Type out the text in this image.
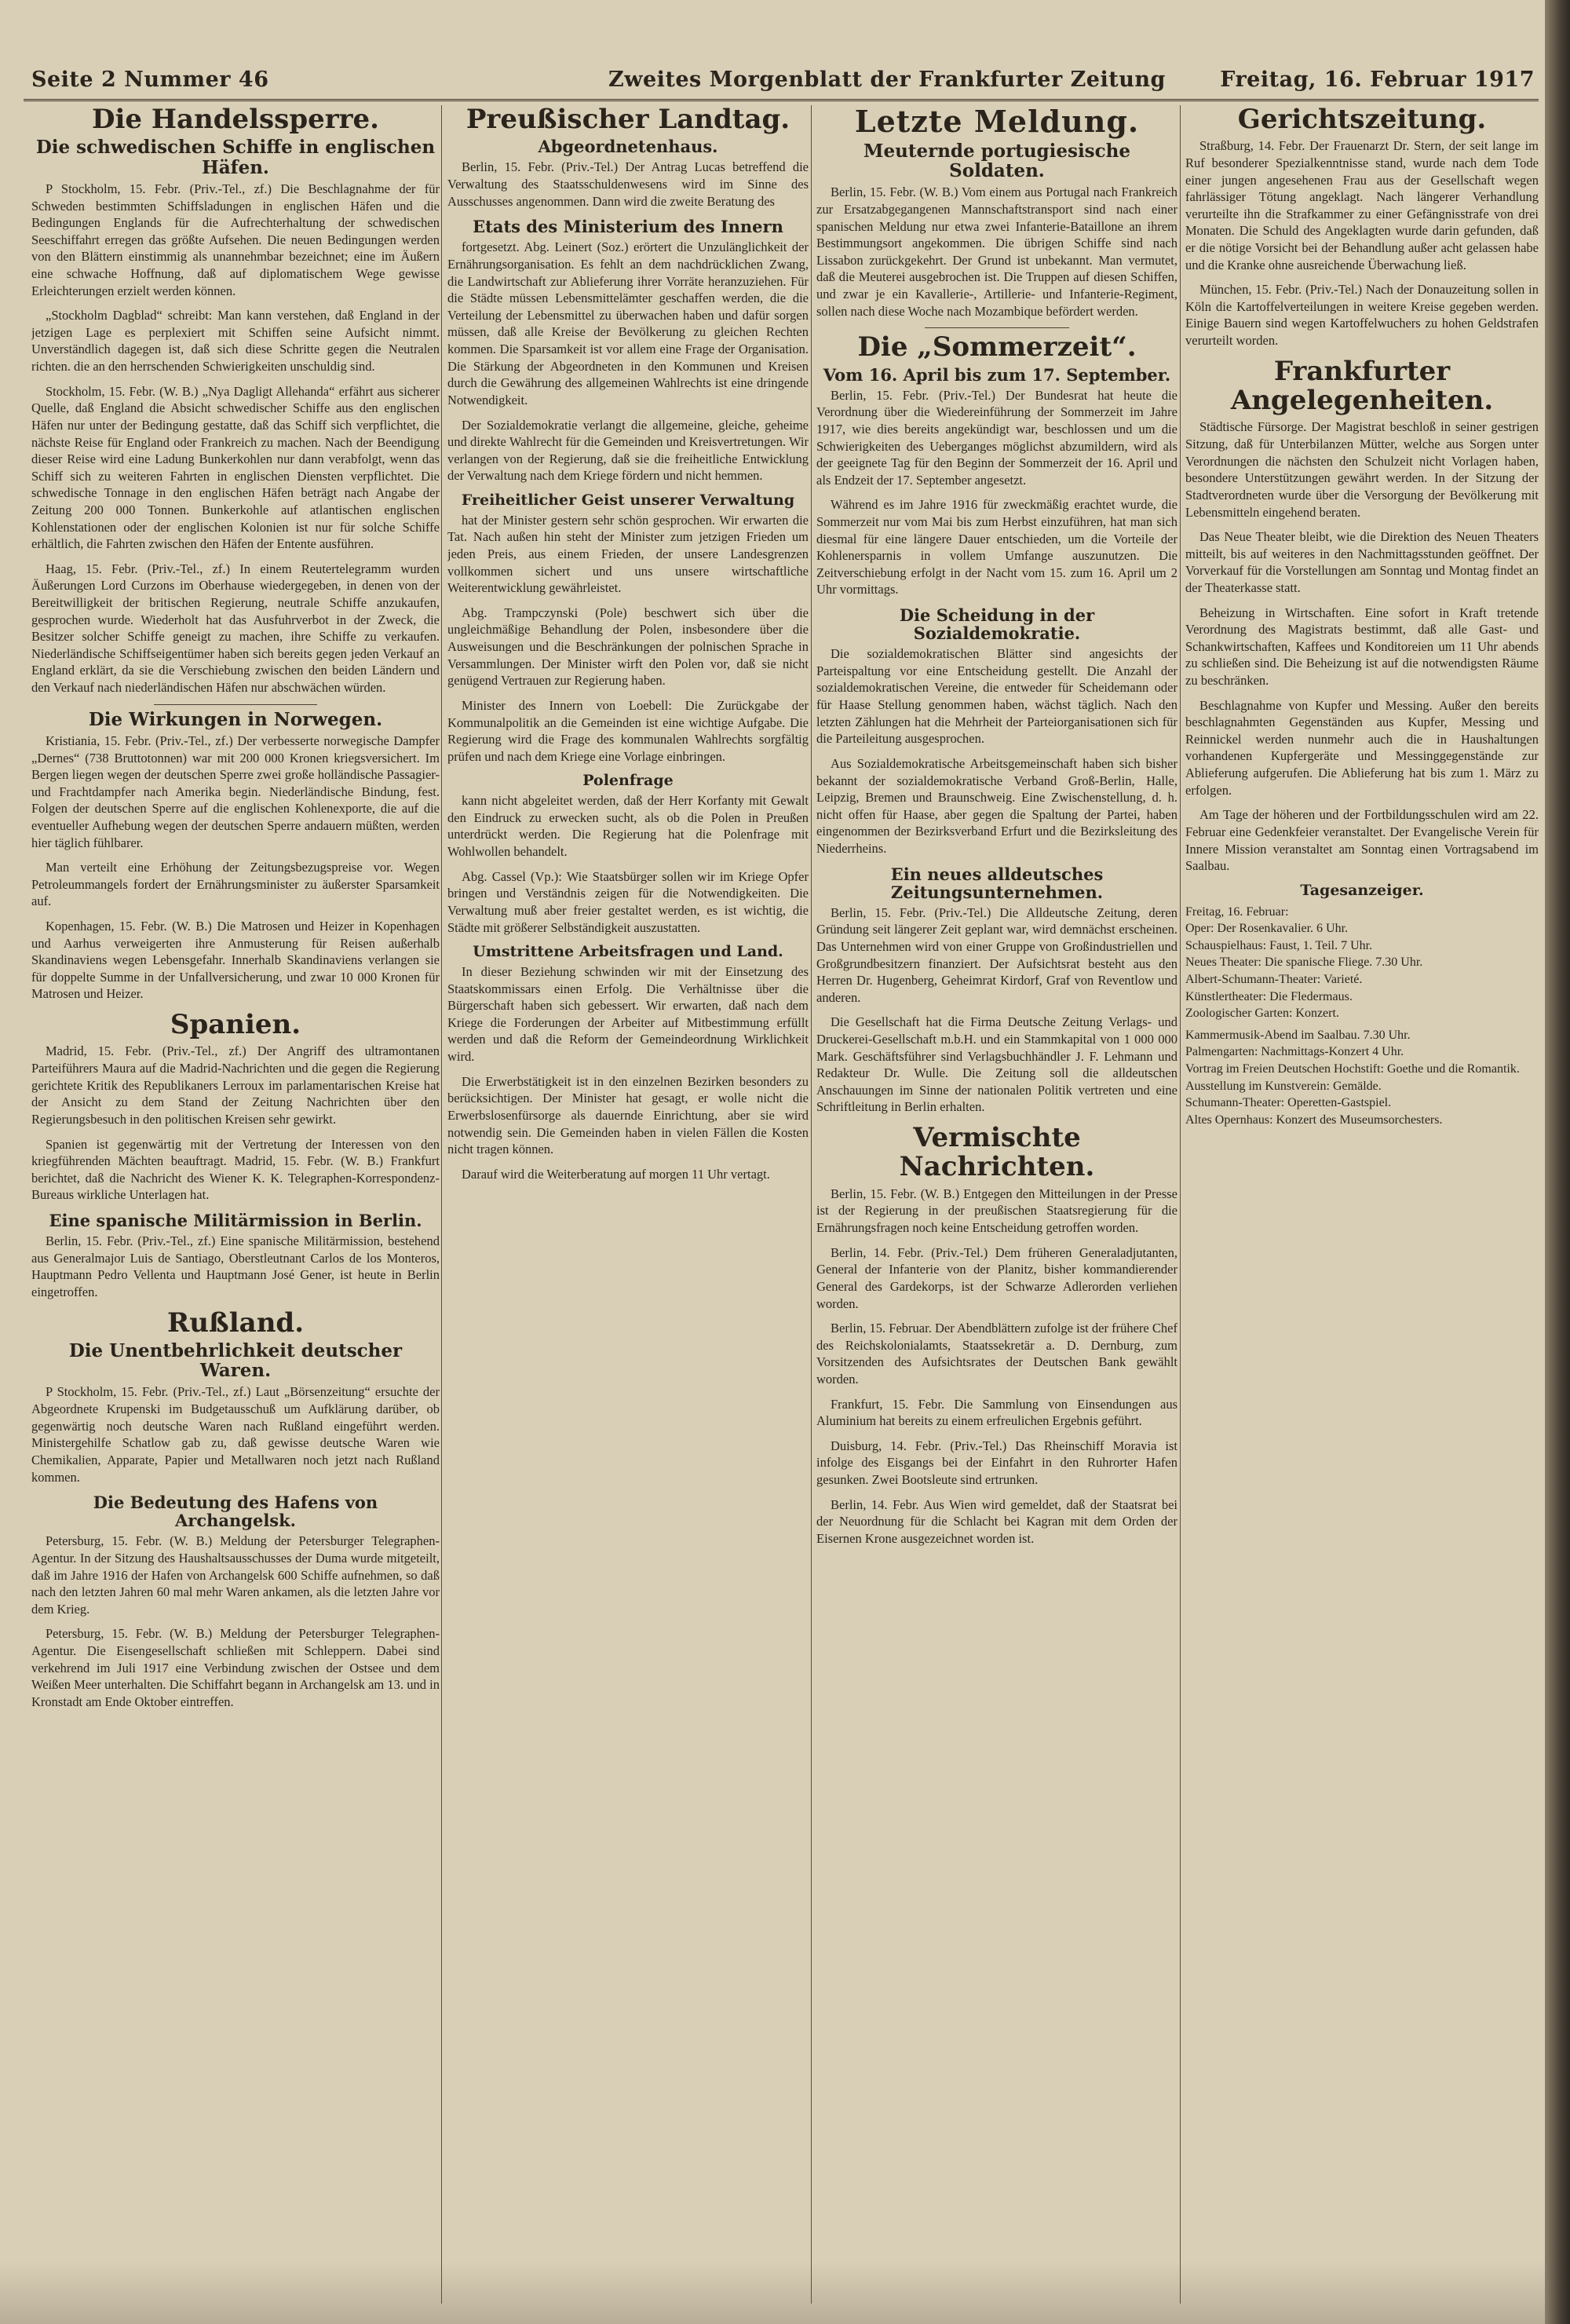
Seite 2 Nummer 46	Zweites Morgenblatt der Frankfurter Zeitung	Freitag, 16. Februar 1917
Die Handelssperre.
Die schwedischen Schiffe in englischen Häfen.

P Stockholm, 15. Febr. (Priv.-Tel., zf.) Die Beschlagnahme der für Schweden bestimmten Schiffsladungen in englischen Häfen und die Bedingungen Englands für die Aufrechterhaltung der schwedischen Seeschiffahrt erregen das größte Aufsehen. Die neuen Bedingungen werden von den Blättern einstimmig als unannehmbar bezeichnet; eine im Äußern eine schwache Hoffnung, daß auf diplomatischem Wege gewisse Erleichterungen erzielt werden können.

„Stockholm Dagblad“ schreibt: Man kann verstehen, daß England in der jetzigen Lage es perplexiert mit Schiffen seine Aufsicht nimmt. Unverständlich dagegen ist, daß sich diese Schritte gegen die Neutralen richten. die an den herrschenden Schwierigkeiten unschuldig sind.

Stockholm, 15. Febr. (W. B.) „Nya Dagligt Allehanda“ erfährt aus sicherer Quelle, daß England die Absicht schwedischer Schiffe aus den englischen Häfen nur unter der Bedingung gestatte, daß das Schiff sich verpflichtet, die nächste Reise für England oder Frankreich zu machen. Nach der Beendigung dieser Reise wird eine Ladung Bunkerkohlen nur dann verabfolgt, wenn das Schiff sich zu weiteren Fahrten in englischen Diensten verpflichtet. Die schwedische Tonnage in den englischen Häfen beträgt nach Angabe der Zeitung 200 000 Tonnen. Bunkerkohle auf atlantischen englischen Kohlenstationen oder der englischen Kolonien ist nur für solche Schiffe erhältlich, die Fahrten zwischen den Häfen der Entente ausführen.

Haag, 15. Febr. (Priv.-Tel., zf.) In einem Reutertelegramm wurden Äußerungen Lord Curzons im Oberhause wiedergegeben, in denen von der Bereitwilligkeit der britischen Regierung, neutrale Schiffe anzukaufen, gesprochen wurde. Wiederholt hat das Ausfuhrverbot in der Zweck, die Besitzer solcher Schiffe geneigt zu machen, ihre Schiffe zu verkaufen. Niederländische Schiffseigentümer haben sich bereits gegen jeden Verkauf an England erklärt, da sie die Verschiebung zwischen den beiden Ländern und den Verkauf nach niederländischen Häfen nur abschwächen würden.

Die Wirkungen in Norwegen.

Kristiania, 15. Febr. (Priv.-Tel., zf.) Der verbesserte norwegische Dampfer „Dernes“ (738 Bruttotonnen) war mit 200 000 Kronen kriegsversichert. Im Bergen liegen wegen der deutschen Sperre zwei große holländische Passagier- und Frachtdampfer nach Amerika begin. Niederländische Bindung, fest. Folgen der deutschen Sperre auf die englischen Kohlenexporte, die auf die eventueller Aufhebung wegen der deutschen Sperre andauern müßten, werden hier täglich fühlbarer.

Man verteilt eine Erhöhung der Zeitungsbezugspreise vor. Wegen Petroleummangels fordert der Ernährungsminister zu äußerster Sparsamkeit auf.

Kopenhagen, 15. Febr. (W. B.) Die Matrosen und Heizer in Kopenhagen und Aarhus verweigerten ihre Anmusterung für Reisen außerhalb Skandinaviens wegen Lebensgefahr. Innerhalb Skandinaviens verlangen sie für doppelte Summe in der Unfallversicherung, und zwar 10 000 Kronen für Matrosen und Heizer.

Spanien.

Madrid, 15. Febr. (Priv.-Tel., zf.) Der Angriff des ultramontanen Parteiführers Maura auf die Madrid-Nachrichten und die gegen die Regierung gerichtete Kritik des Republikaners Lerroux im parlamentarischen Kreise hat der Ansicht zu dem Stand der Zeitung Nachrichten über den Regierungsbesuch in den politischen Kreisen sehr gewirkt.

Spanien ist gegenwärtig mit der Vertretung der Interessen von den kriegführenden Mächten beauftragt. Madrid, 15. Febr. (W. B.) Frankfurt berichtet, daß die Nachricht des Wiener K. K. Telegraphen-Korrespondenz-Bureaus wirkliche Unterlagen hat.

Eine spanische Militärmission in Berlin.

Berlin, 15. Febr. (Priv.-Tel., zf.) Eine spanische Militärmission, bestehend aus Generalmajor Luis de Santiago, Oberstleutnant Carlos de los Monteros, Hauptmann Pedro Vellenta und Hauptmann José Gener, ist heute in Berlin eingetroffen.

Rußland.
Die Unentbehrlichkeit deutscher Waren.

P Stockholm, 15. Febr. (Priv.-Tel., zf.) Laut „Börsenzeitung“ ersuchte der Abgeordnete Krupenski im Budgetausschuß um Aufklärung darüber, ob gegenwärtig noch deutsche Waren nach Rußland eingeführt werden. Ministergehilfe Schatlow gab zu, daß gewisse deutsche Waren wie Chemikalien, Apparate, Papier und Metallwaren noch jetzt nach Rußland kommen.

Die Bedeutung des Hafens von Archangelsk.

Petersburg, 15. Febr. (W. B.) Meldung der Petersburger Telegraphen-Agentur. In der Sitzung des Haushaltsausschusses der Duma wurde mitgeteilt, daß im Jahre 1916 der Hafen von Archangelsk 600 Schiffe aufnehmen, so daß nach den letzten Jahren 60 mal mehr Waren ankamen, als die letzten Jahre vor dem Krieg.

Petersburg, 15. Febr. (W. B.) Meldung der Petersburger Telegraphen-Agentur. Die Eisengesellschaft schließen mit Schleppern. Dabei sind verkehrend im Juli 1917 eine Verbindung zwischen der Ostsee und dem Weißen Meer unterhalten. Die Schiffahrt begann in Archangelsk am 13. und in Kronstadt am Ende Oktober eintreffen.

Preußischer Landtag.
Abgeordnetenhaus.

Berlin, 15. Febr. (Priv.-Tel.) Der Antrag Lucas betreffend die Verwaltung des Staatsschuldenwesens wird im Sinne des Ausschusses angenommen. Dann wird die zweite Beratung des

Etats des Ministerium des Innern

fortgesetzt. Abg. Leinert (Soz.) erörtert die Unzulänglichkeit der Ernährungsorganisation. Es fehlt an dem nachdrücklichen Zwang, die Landwirtschaft zur Ablieferung ihrer Vorräte heranzuziehen. Für die Städte müssen Lebensmittelämter geschaffen werden, die die Verteilung der Lebensmittel zu überwachen haben und dafür sorgen müssen, daß alle Kreise der Bevölkerung zu gleichen Rechten kommen. Die Sparsamkeit ist vor allem eine Frage der Organisation. Die Stärkung der Abgeordneten in den Kommunen und Kreisen durch die Gewährung des allgemeinen Wahlrechts ist eine dringende Notwendigkeit.

Der Sozialdemokratie verlangt die allgemeine, gleiche, geheime und direkte Wahlrecht für die Gemeinden und Kreisvertretungen. Wir verlangen von der Regierung, daß sie die freiheitliche Entwicklung der Verwaltung nach dem Kriege fördern und nicht hemmen.

Freiheitlicher Geist unserer Verwaltung

hat der Minister gestern sehr schön gesprochen. Wir erwarten die Tat. Nach außen hin steht der Minister zum jetzigen Frieden um jeden Preis, aus einem Frieden, der unsere Landesgrenzen vollkommen sichert und uns unsere wirtschaftliche Weiterentwicklung gewährleistet.

Abg. Trampczynski (Pole) beschwert sich über die ungleichmäßige Behandlung der Polen, insbesondere über die Ausweisungen und die Beschränkungen der polnischen Sprache in Versammlungen. Der Minister wirft den Polen vor, daß sie nicht genügend Vertrauen zur Regierung haben.

Minister des Innern von Loebell: Die Zurückgabe der Kommunalpolitik an die Gemeinden ist eine wichtige Aufgabe. Die Regierung wird die Frage des kommunalen Wahlrechts sorgfältig prüfen und nach dem Kriege eine Vorlage einbringen.

Polenfrage

kann nicht abgeleitet werden, daß der Herr Korfanty mit Gewalt den Eindruck zu erwecken sucht, als ob die Polen in Preußen unterdrückt werden. Die Regierung hat die Polenfrage mit Wohlwollen behandelt.

Abg. Cassel (Vp.): Wie Staatsbürger sollen wir im Kriege Opfer bringen und Verständnis zeigen für die Notwendigkeiten. Die Verwaltung muß aber freier gestaltet werden, es ist wichtig, die Städte mit größerer Selbständigkeit auszustatten.

Umstrittene Arbeitsfragen und Land.

In dieser Beziehung schwinden wir mit der Einsetzung des Staatskommissars einen Erfolg. Die Verhältnisse über die Bürgerschaft haben sich gebessert. Wir erwarten, daß nach dem Kriege die Forderungen der Arbeiter auf Mitbestimmung erfüllt werden und daß die Reform der Gemeindeordnung Wirklichkeit wird.

Die Erwerbstätigkeit ist in den einzelnen Bezirken besonders zu berücksichtigen. Der Minister hat gesagt, er wolle nicht die Erwerbslosenfürsorge als dauernde Einrichtung, aber sie wird notwendig sein. Die Gemeinden haben in vielen Fällen die Kosten nicht tragen können.

Darauf wird die Weiterberatung auf morgen 11 Uhr vertagt.

Letzte Meldung.
Meuternde portugiesische Soldaten.

Berlin, 15. Febr. (W. B.) Vom einem aus Portugal nach Frankreich zur Ersatzabgegangenen Mannschaftstransport sind nach einer spanischen Meldung nur etwa zwei Infanterie-Bataillone an ihrem Bestimmungsort angekommen. Die übrigen Schiffe sind nach Lissabon zurückgekehrt. Der Grund ist unbekannt. Man vermutet, daß die Meuterei ausgebrochen ist. Die Truppen auf diesen Schiffen, und zwar je ein Kavallerie-, Artillerie- und Infanterie-Regiment, sollen nach diese Woche nach Mozambique befördert werden.

Die „Sommerzeit“.
Vom 16. April bis zum 17. September.

Berlin, 15. Febr. (Priv.-Tel.) Der Bundesrat hat heute die Verordnung über die Wiedereinführung der Sommerzeit im Jahre 1917, wie dies bereits angekündigt war, beschlossen und um die Schwierigkeiten des Ueberganges möglichst abzumildern, wird als der geeignete Tag für den Beginn der Sommerzeit der 16. April und als Endzeit der 17. September angesetzt.

Während es im Jahre 1916 für zweckmäßig erachtet wurde, die Sommerzeit nur vom Mai bis zum Herbst einzuführen, hat man sich diesmal für eine längere Dauer entschieden, um die Vorteile der Kohlenersparnis in vollem Umfange auszunutzen. Die Zeitverschiebung erfolgt in der Nacht vom 15. zum 16. April um 2 Uhr vormittags.

Die Scheidung in der Sozialdemokratie.

Die sozialdemokratischen Blätter sind angesichts der Parteispaltung vor eine Entscheidung gestellt. Die Anzahl der sozialdemokratischen Vereine, die entweder für Scheidemann oder für Haase Stellung genommen haben, wächst täglich. Nach den letzten Zählungen hat die Mehrheit der Parteiorganisationen sich für die Parteileitung ausgesprochen.

Aus Sozialdemokratische Arbeitsgemeinschaft haben sich bisher bekannt der sozialdemokratische Verband Groß-Berlin, Halle, Leipzig, Bremen und Braunschweig. Eine Zwischenstellung, d. h. nicht offen für Haase, aber gegen die Spaltung der Partei, haben eingenommen der Bezirksverband Erfurt und die Bezirksleitung des Niederrheins.

Ein neues alldeutsches Zeitungsunternehmen.

Berlin, 15. Febr. (Priv.-Tel.) Die Alldeutsche Zeitung, deren Gründung seit längerer Zeit geplant war, wird demnächst erscheinen. Das Unternehmen wird von einer Gruppe von Großindustriellen und Großgrundbesitzern finanziert. Der Aufsichtsrat besteht aus den Herren Dr. Hugenberg, Geheimrat Kirdorf, Graf von Reventlow und anderen.

Die Gesellschaft hat die Firma Deutsche Zeitung Verlags- und Druckerei-Gesellschaft m.b.H. und ein Stammkapital von 1 000 000 Mark. Geschäftsführer sind Verlagsbuchhändler J. F. Lehmann und Redakteur Dr. Wulle. Die Zeitung soll die alldeutschen Anschauungen im Sinne der nationalen Politik vertreten und eine Schriftleitung in Berlin erhalten.

Vermischte Nachrichten.

Berlin, 15. Febr. (W. B.) Entgegen den Mitteilungen in der Presse ist der Regierung in der preußischen Staatsregierung für die Ernährungsfragen noch keine Entscheidung getroffen worden.

Berlin, 14. Febr. (Priv.-Tel.) Dem früheren Generaladjutanten, General der Infanterie von der Planitz, bisher kommandierender General des Gardekorps, ist der Schwarze Adlerorden verliehen worden.

Berlin, 15. Februar. Der Abendblättern zufolge ist der frühere Chef des Reichskolonialamts, Staatssekretär a. D. Dernburg, zum Vorsitzenden des Aufsichtsrates der Deutschen Bank gewählt worden.

Frankfurt, 15. Febr. Die Sammlung von Einsendungen aus Aluminium hat bereits zu einem erfreulichen Ergebnis geführt.

Duisburg, 14. Febr. (Priv.-Tel.) Das Rheinschiff Moravia ist infolge des Eisgangs bei der Einfahrt in den Ruhrorter Hafen gesunken. Zwei Bootsleute sind ertrunken.

Berlin, 14. Febr. Aus Wien wird gemeldet, daß der Staatsrat bei der Neuordnung für die Schlacht bei Kagran mit dem Orden der Eisernen Krone ausgezeichnet worden ist.

Gerichtszeitung.

Straßburg, 14. Febr. Der Frauenarzt Dr. Stern, der seit lange im Ruf besonderer Spezialkenntnisse stand, wurde nach dem Tode einer jungen angesehenen Frau aus der Gesellschaft wegen fahrlässiger Tötung angeklagt. Nach längerer Verhandlung verurteilte ihn die Strafkammer zu einer Gefängnisstrafe von drei Monaten. Die Schuld des Angeklagten wurde darin gefunden, daß er die nötige Vorsicht bei der Behandlung außer acht gelassen habe und die Kranke ohne ausreichende Überwachung ließ.

München, 15. Febr. (Priv.-Tel.) Nach der Donauzeitung sollen in Köln die Kartoffelverteilungen in weitere Kreise gegeben werden. Einige Bauern sind wegen Kartoffelwuchers zu hohen Geldstrafen verurteilt worden.

Frankfurter Angelegenheiten.

Städtische Fürsorge. Der Magistrat beschloß in seiner gestrigen Sitzung, daß für Unterbilanzen Mütter, welche aus Sorgen unter Verordnungen die nächsten den Schulzeit nicht Vorlagen haben, besondere Unterstützungen gewährt werden. In der Sitzung der Stadtverordneten wurde über die Versorgung der Bevölkerung mit Lebensmitteln eingehend beraten.

Das Neue Theater bleibt, wie die Direktion des Neuen Theaters mitteilt, bis auf weiteres in den Nachmittagsstunden geöffnet. Der Vorverkauf für die Vorstellungen am Sonntag und Montag findet an der Theaterkasse statt.

Beheizung in Wirtschaften. Eine sofort in Kraft tretende Verordnung des Magistrats bestimmt, daß alle Gast- und Schankwirtschaften, Kaffees und Konditoreien um 11 Uhr abends zu schließen sind. Die Beheizung ist auf die notwendigsten Räume zu beschränken.

Beschlagnahme von Kupfer und Messing. Außer den bereits beschlagnahmten Gegenständen aus Kupfer, Messing und Reinnickel werden nunmehr auch die in Haushaltungen vorhandenen Kupfergeräte und Messinggegenstände zur Ablieferung aufgerufen. Die Ablieferung hat bis zum 1. März zu erfolgen.

Am Tage der höheren und der Fortbildungsschulen wird am 22. Februar eine Gedenkfeier veranstaltet. Der Evangelische Verein für Innere Mission veranstaltet am Sonntag einen Vortragsabend im Saalbau.

Tagesanzeiger.
Freitag, 16. Februar:
Oper: Der Rosenkavalier. 6 Uhr.
Schauspielhaus: Faust, 1. Teil. 7 Uhr.
Neues Theater: Die spanische Fliege. 7.30 Uhr.
Albert-Schumann-Theater: Varieté.
Künstlertheater: Die Fledermaus.
Zoologischer Garten: Konzert.
Kammermusik-Abend im Saalbau. 7.30 Uhr.
Palmengarten: Nachmittags-Konzert 4 Uhr.
Vortrag im Freien Deutschen Hochstift: Goethe und die Romantik.
Ausstellung im Kunstverein: Gemälde.
Schumann-Theater: Operetten-Gastspiel.
Altes Opernhaus: Konzert des Museumsorchesters.
